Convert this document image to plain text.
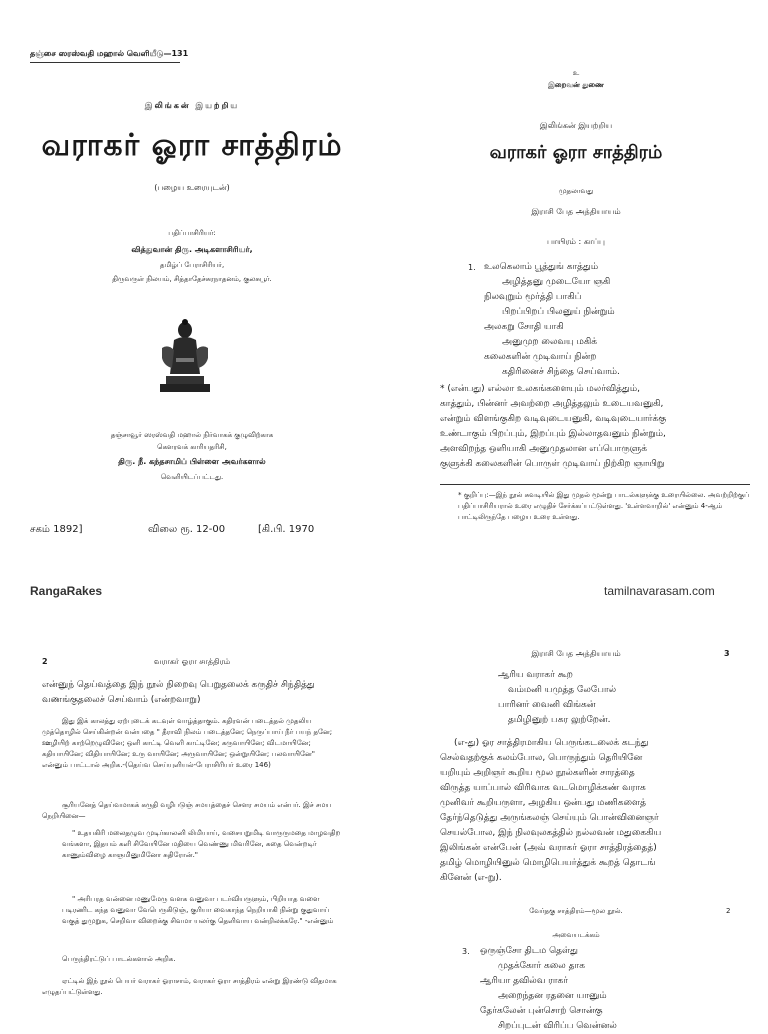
தஞ்சை ஸரஸ்வதி மஹால் வெளியீடு—131
இலிங்கன் இயற்றிய
வராகர் ஓரா சாத்திரம்
(பழைய உரையுடன்)
பதிப்பாசிரியர்:
வித்துவான் திரு. அடிகளாசிரியர்,
தமிழ்ப் பேராசிரியர்,
திருவருள் நிலயம், சித்தாதேச்சுரநாதனம், குலசுபூர்.
தஞ்சாவூர் ஸரஸ்வதி மஹால் நிர்வாகக் குழுவிற்காக
கௌரவக் காரியதரிசி,
திரு. நீ. கந்தசாமிப் பிள்ளை அவர்களால்
வெளியிடப்பட்டது.
சகம் 1892]	விலை ரூ. 12-00	[கி.பி. 1970
உ
இறைவன் துணை
இலிங்கன் இயற்றிய
வராகர் ஓரா சாத்திரம்
முதலாவது
இராசி பேத அத்தியாயம்
பாயிரம் : காப்பு
1. உலகெலாம் பூத்துங் காத்தும்
அழித்தனு முடையோ ஞகி
நிலவுறும் மூர்த்தி பாகிப்
பிறப்பிறப் பிலனுய் நின்றும்
அலகறு சோதி யாகி
அனுமுற லைவயு மகிக்
கலைகளின் முடிவாய் நின்ற
கதிரினைச் சிந்தை செய்வாம்.
* (என்பது) எல்லா உலகங்களையும் மலர்வித்தும்,
காத்தும், பின்னர் அவற்றை அழித்தலும் உடையவனுகி,
என்றும் விளங்குகிற வடிவுடையனுகி, வடிவுடையார்க்கு
உண்டாகும் பிறப்பும், இறப்பும் இல்லாதவனும் நின்றும்,
அளவிறந்த ஒளியாகி அனுமுதலான எப்பொருளுக்
குளுக்கி கலைகளின் பொருள் முடிவாய் நிற்கிற ஞாயிறு
* குறிப்பு:—இந் நூல் சுவடியில் இது முதல் மூன்று பாடல்களுக்கு உரையில்லை. அவற்றிற்குப் பதிப்பாசிரியரால் உரை எழுதிச் சேர்க்கப்பட்டுள்ளது. 'உள்ளவாறில்' என்னும் 4-ஆம் பாட்டிலிருந்தே பழைய உரை உள்ளது.
RangaRakes	tamilnavarasam.com
2	வராகர் ஓரா சாத்திரம்
என்னுந் தெய்வத்தை இந் நூல் நிறைவு பெறுதலைக் கருதிச் சிந்தித்து வணங்குதலைச் செய்வாம் (என்றவாறு)
இது இக் காலத்து ஏற்புடைக் கடவுள் வாழ்த்தாகும். கதிரவன் படைத்தல் முதலிய முத்தொழில் செய்கின்றன் வன்பதை " தீராவி நிலம் படைத்தனே; நெருப்பாய் நீர் பயந் தனே; ஊழியிற் காற்றெழுவினே; ஒளி காட்டி வெளி காட்டினே; கருவாயினே; விடமாயினே; கதியாயினே; விதியாயினே; உரு வாயினே; அருவாயினே; ஒன்றுயினே; பலவாயினே" என்னும் பாட்டால் அறிக.-(தெய்வ செய்யுளியல்-பேராசிரியர் உரை 146)
சூரியனேத் தெய்வமாகக் கருதி வழிபடுஞ் சமயத்தைச் சௌர சமயம் என்பர். இச் சமய நெறியினை—
" உதயகிரி மலைதழுவ முடிர்காலனி லிமியாய், வசையறுமிடி வாருருமதை மாழவதிற வங்களா, இதயம் களி சிவேயினே மதியை வெண்ணு மிவரினே, கதை வென்றடிர் காணும்விழை காஞமினுமினோ சுதிரோன்."
" அரிபரத வன்னை மணுமேரு வளக வனுவா படர்வியருளும், பிறியாத வளை படிரணிட கந்த வனுவா வேபெருகிடுஞ், குரியா வைகாந்த நெறியாகி நின்று குதுவாய் வகுத் துமுறுக, செறிவா விறைக்கு சிவமா யலர்கு தெளிவாய வன்றிலக்கரே." -என்னும்
பெருந்திரட்டுப் பாடல்களால் அறிக.
ஏட்டில் இந் நூல் பெயர் வராகர் ஓராசாம், வராகர் ஓரா சாத்திரம் என்று இரண்டு விதமாக எழுதப்பட்டுள்ளது.
இராசி பேத அத்தியாயம்	3
ஆரிய வராகர் கூற
வம்மனி யமுத்த லேபோல்
பாரினர் வைனி விங்கன்
தமிழினுற் பகர லுற்றேன்.
(எ-து) ஓர சாத்திரமாகிய பெருங்கடலைக் கடந்து
செல்வதற்குக் கலம்போல, பொருந்தும் தெரியினே
யறியும் அறிஞர் கூறிய மூல நூல்களின் சாரத்தை
விருத்த யாப்பால் விரிவாக வடமொழிக்கண் வராக
முனிவர் கூறியருளா, அழகிய ஒன்பது மணிகளைத்
தேர்ந்தெடுத்து அருங்கலஞ் செய்யும் பொன்வினைஞர்
செயல்போல, இந் நிலவுலகத்தில் நல்லவன் மதுகைகிய
இலிங்கன் என்பேன் (அவ் வராகர் ஓரா சாத்திரத்தைத்)
தமிழ் மொழியினுல் மொழிபெயர்த்துக் கூறத் தொடங்
கினேன் (எ-று).
வேர்தகு சாத்திரம்—மூல நூல்.	2
அவையடக்கம்
3. ஒருஞ்சோ திடம தெள்து
முதக்கோர் கலை தாக
ஆரியா தவில்வ ராகர்
அறைந்தன ரதனை யானும்
தேர்கலேன் புன்சொற் சொன்கு
சிறப்புடன் விரிப்ப வென்னல்
